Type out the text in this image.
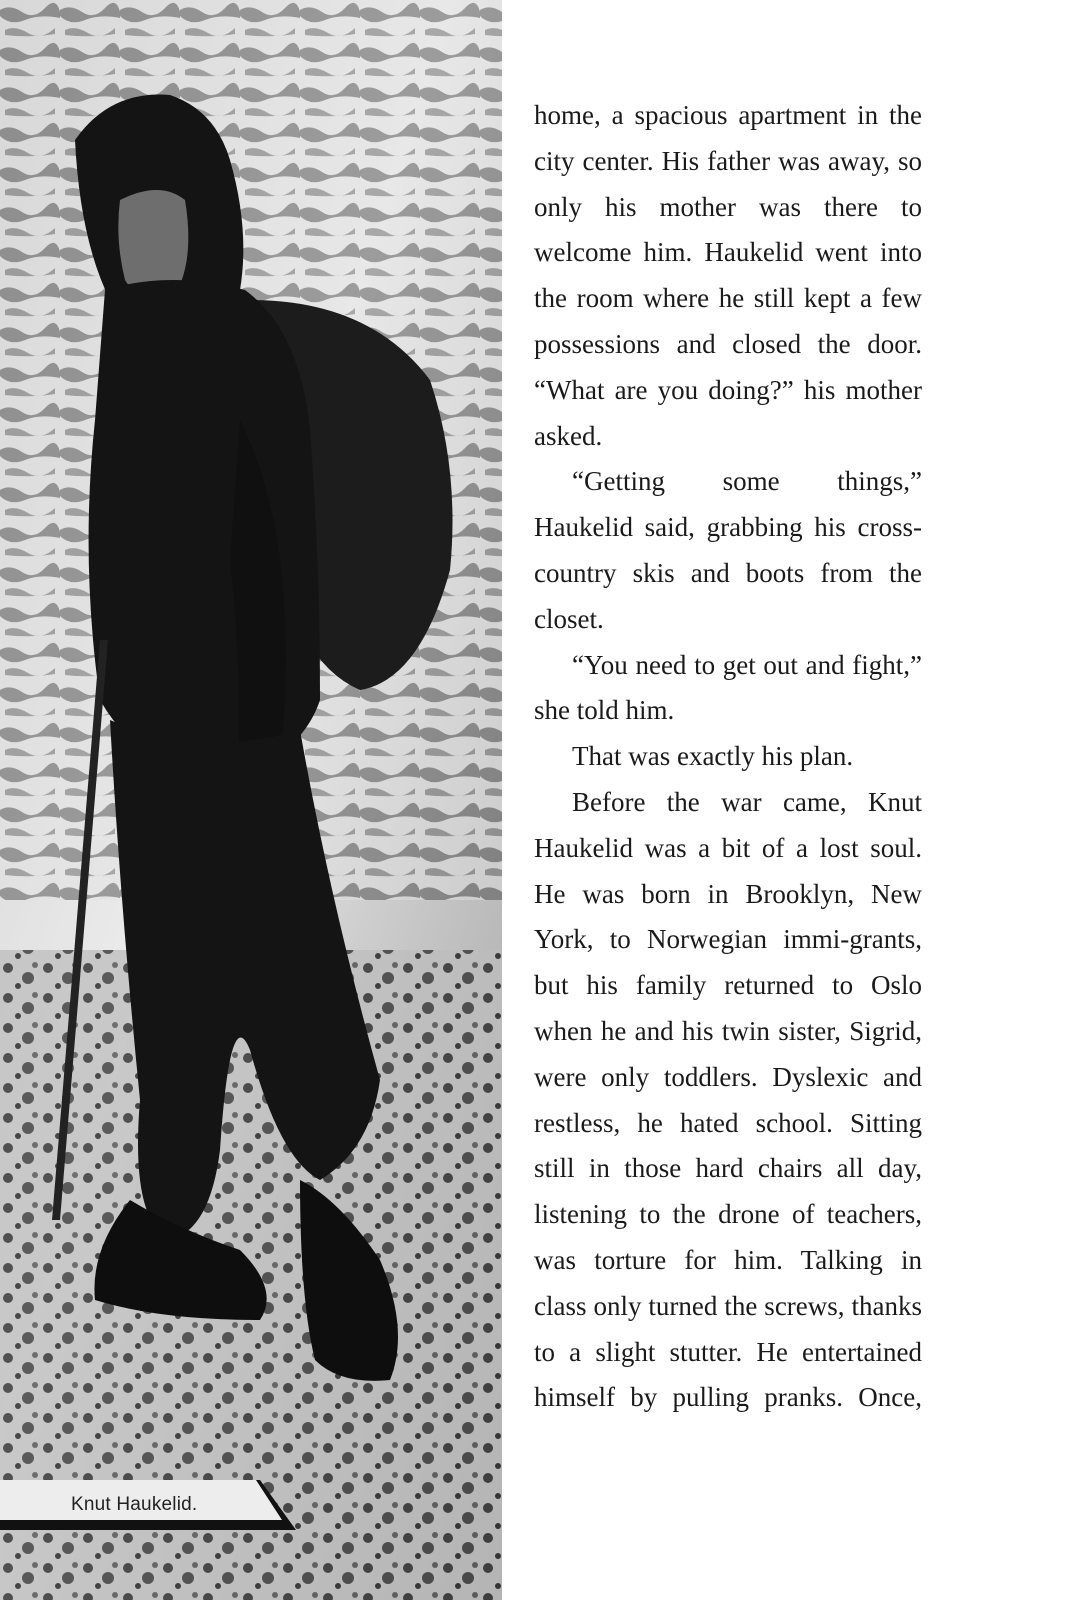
Knut Haukelid.

home, a spacious apartment in the city center. His father was away, so only his mother was there to welcome him. Haukelid went into the room where he still kept a few possessions and closed the door. “What are you doing?” his mother asked.

“Getting some things,” Haukelid said, grabbing his cross-country skis and boots from the closet.

“You need to get out and fight,” she told him.

That was exactly his plan.

Before the war came, Knut Haukelid was a bit of a lost soul. He was born in Brooklyn, New York, to Norwegian immi-grants, but his family returned to Oslo when he and his twin sister, Sigrid, were only toddlers. Dyslexic and restless, he hated school. Sitting still in those hard chairs all day, listening to the drone of teachers, was torture for him. Talking in class only turned the screws, thanks to a slight stutter. He entertained himself by pulling pranks. Once,
